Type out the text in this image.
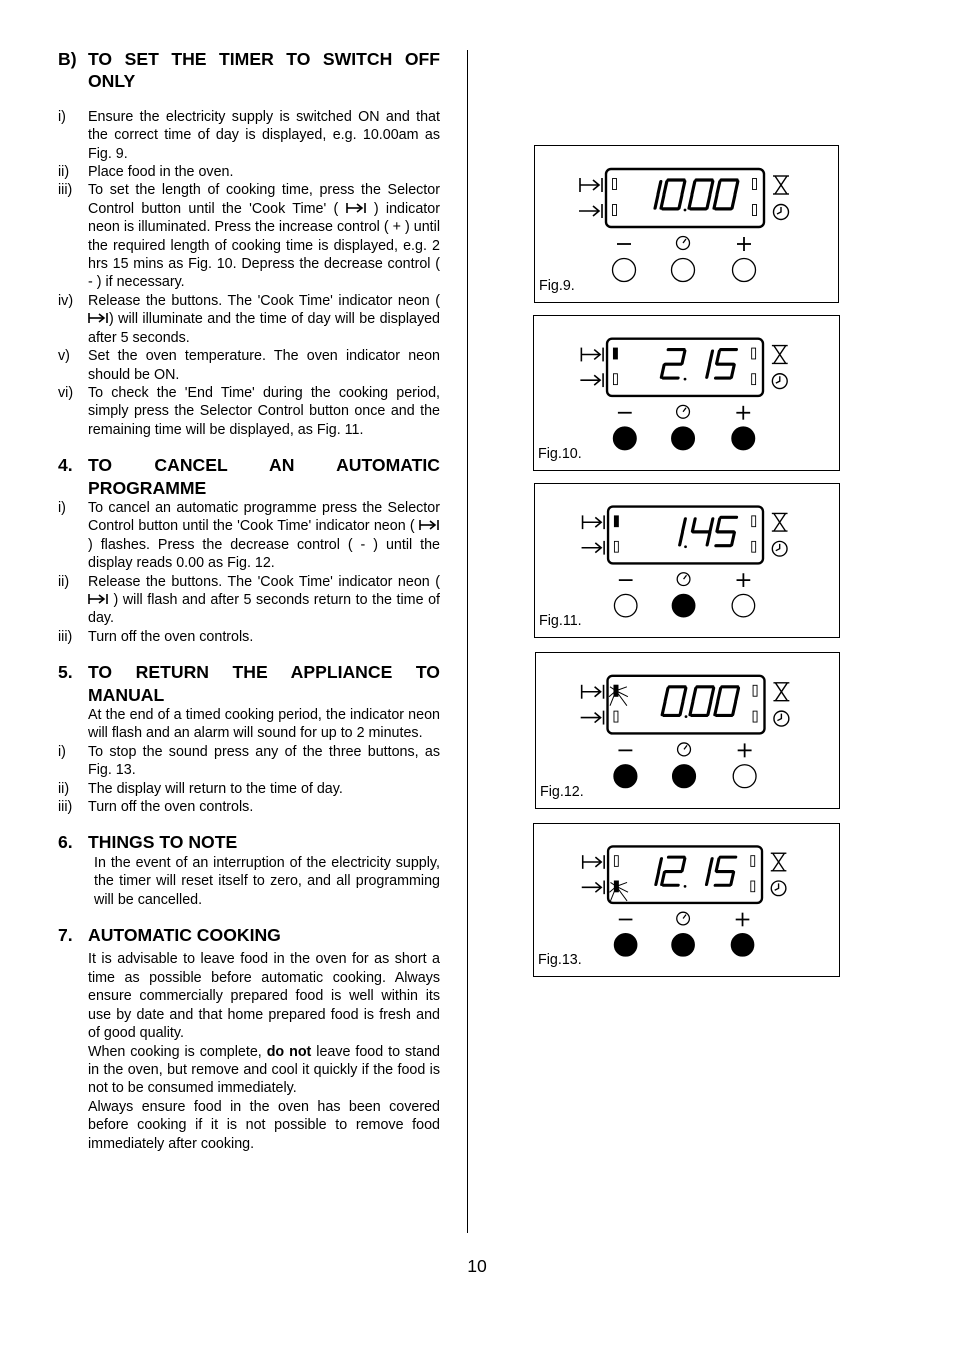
B) TO SET THE TIMER TO SWITCH OFF ONLY
i)	Ensure the electricity supply is switched ON and that the correct time of day is displayed, e.g. 10.00am as Fig. 9.
ii)	Place food in the oven.
iii)	To set the length of cooking time, press the Selector Control button until the 'Cook Time' ( ) indicator neon is illuminated. Press the increase control ( + ) until the required length of cooking time is displayed, e.g. 2 hrs 15 mins as Fig. 10. Depress the decrease control ( - ) if necessary.
iv)	Release the buttons. The 'Cook Time' indicator neon () will illuminate and the time of day will be displayed after 5 seconds.
v)	Set the oven temperature. The oven indicator neon should be ON.
vi)	To check the 'End Time' during the cooking period, simply press the Selector Control button once and the remaining time will be displayed, as Fig. 11.
4. TO CANCEL AN AUTOMATIC PROGRAMME
i)	To cancel an automatic programme press the Selector Control button until the 'Cook Time' indicator neon (  ) flashes. Press the decrease control ( - ) until the display reads 0.00 as Fig. 12.
ii)	Release the buttons. The 'Cook Time' indicator neon (  ) will flash and after 5 seconds return to the time of day.
iii)	Turn off the oven controls.
5. TO RETURN THE APPLIANCE TO MANUAL
At the end of a timed cooking period, the indicator neon will flash and an alarm will sound for up to 2 minutes.
i)	To stop the sound press any of the three buttons, as Fig. 13.
ii)	The display will return to the time of day.
iii)	Turn off the oven controls.
6. THINGS TO NOTE
In the event of an interruption of the electricity supply, the timer will reset itself to zero, and all programming will be cancelled.
7. AUTOMATIC COOKING
It is advisable to leave food in the oven for as short a time as possible before automatic cooking. Always ensure commercially prepared food is well within its use by date and that home prepared food is fresh and of good quality.
When cooking is complete, do not leave food to stand in the oven, but remove and cool it quickly if the food is not to be consumed immediately.
Always ensure food in the oven has been covered before cooking if it is not possible to remove food immediately after cooking.
Fig.9.
Fig.10.
Fig.11.
Fig.12.
Fig.13.
10
